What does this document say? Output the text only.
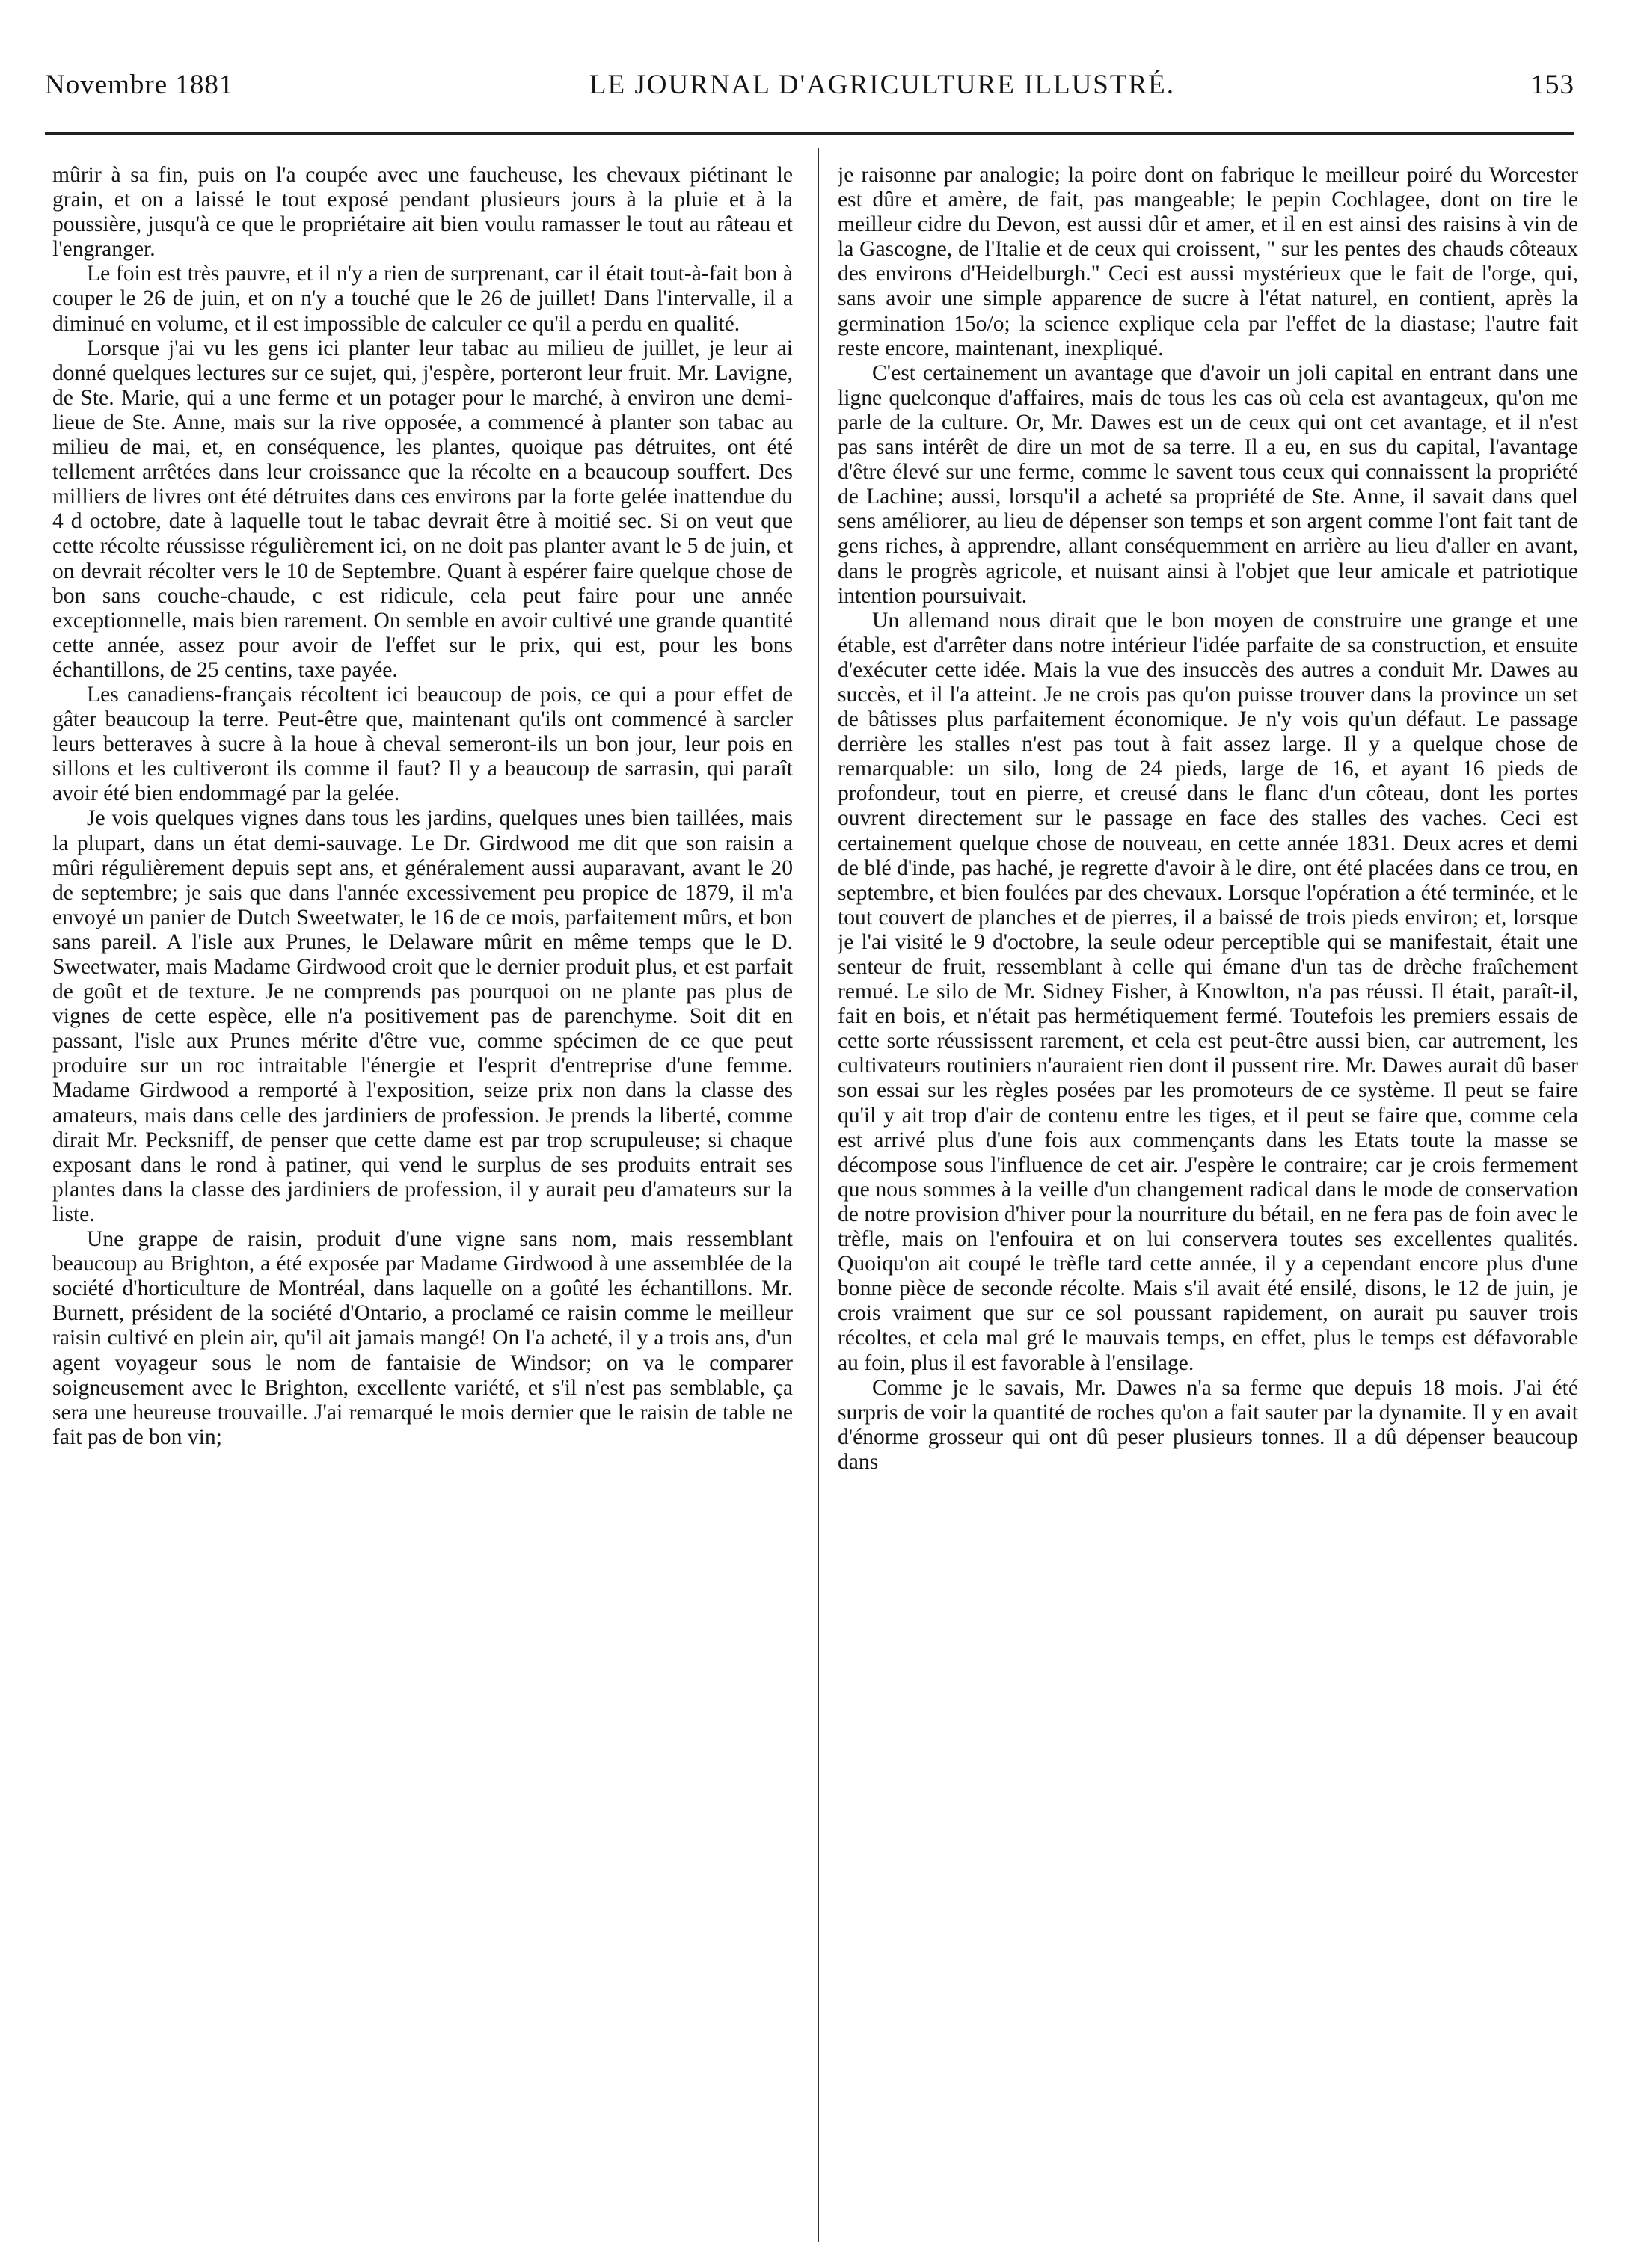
Novembre 1881	LE JOURNAL D'AGRICULTURE ILLUSTRÉ.	153

mûrir à sa fin, puis on l'a coupée avec une faucheuse, les chevaux piétinant le grain, et on a laissé le tout exposé pendant plusieurs jours à la pluie et à la poussière, jusqu'à ce que le propriétaire ait bien voulu ramasser le tout au râteau et l'engranger.

Le foin est très pauvre, et il n'y a rien de surprenant, car il était tout-à-fait bon à couper le 26 de juin, et on n'y a touché que le 26 de juillet! Dans l'intervalle, il a diminué en volume, et il est impossible de calculer ce qu'il a perdu en qualité.

Lorsque j'ai vu les gens ici planter leur tabac au milieu de juillet, je leur ai donné quelques lectures sur ce sujet, qui, j'espère, porteront leur fruit. Mr. Lavigne, de Ste. Marie, qui a une ferme et un potager pour le marché, à environ une demi-lieue de Ste. Anne, mais sur la rive opposée, a commencé à planter son tabac au milieu de mai, et, en conséquence, les plantes, quoique pas détruites, ont été tellement arrêtées dans leur croissance que la récolte en a beaucoup souffert. Des milliers de livres ont été détruites dans ces environs par la forte gelée inattendue du 4 d octobre, date à laquelle tout le tabac devrait être à moitié sec. Si on veut que cette récolte réussisse régulièrement ici, on ne doit pas planter avant le 5 de juin, et on devrait récolter vers le 10 de Septembre. Quant à espérer faire quelque chose de bon sans couche-chaude, c est ridicule, cela peut faire pour une année exceptionnelle, mais bien rarement. On semble en avoir cultivé une grande quantité cette année, assez pour avoir de l'effet sur le prix, qui est, pour les bons échantillons, de 25 centins, taxe payée.

Les canadiens-français récoltent ici beaucoup de pois, ce qui a pour effet de gâter beaucoup la terre. Peut-être que, maintenant qu'ils ont commencé à sarcler leurs betteraves à sucre à la houe à cheval semeront-ils un bon jour, leur pois en sillons et les cultiveront ils comme il faut? Il y a beaucoup de sarrasin, qui paraît avoir été bien endommagé par la gelée.

Je vois quelques vignes dans tous les jardins, quelques unes bien taillées, mais la plupart, dans un état demi-sauvage. Le Dr. Girdwood me dit que son raisin a mûri régulièrement depuis sept ans, et généralement aussi auparavant, avant le 20 de septembre; je sais que dans l'année excessivement peu propice de 1879, il m'a envoyé un panier de Dutch Sweetwater, le 16 de ce mois, parfaitement mûrs, et bon sans pareil. A l'isle aux Prunes, le Delaware mûrit en même temps que le D. Sweetwater, mais Madame Girdwood croit que le dernier produit plus, et est parfait de goût et de texture. Je ne comprends pas pourquoi on ne plante pas plus de vignes de cette espèce, elle n'a positivement pas de parenchyme. Soit dit en passant, l'isle aux Prunes mérite d'être vue, comme spécimen de ce que peut produire sur un roc intraitable l'énergie et l'esprit d'entreprise d'une femme. Madame Girdwood a remporté à l'exposition, seize prix non dans la classe des amateurs, mais dans celle des jardiniers de profession. Je prends la liberté, comme dirait Mr. Pecksniff, de penser que cette dame est par trop scrupuleuse; si chaque exposant dans le rond à patiner, qui vend le surplus de ses produits entrait ses plantes dans la classe des jardiniers de profession, il y aurait peu d'amateurs sur la liste.

Une grappe de raisin, produit d'une vigne sans nom, mais ressemblant beaucoup au Brighton, a été exposée par Madame Girdwood à une assemblée de la société d'horticulture de Montréal, dans laquelle on a goûté les échantillons. Mr. Burnett, président de la société d'Ontario, a proclamé ce raisin comme le meilleur raisin cultivé en plein air, qu'il ait jamais mangé! On l'a acheté, il y a trois ans, d'un agent voyageur sous le nom de fantaisie de Windsor; on va le comparer soigneusement avec le Brighton, excellente variété, et s'il n'est pas semblable, ça sera une heureuse trouvaille. J'ai remarqué le mois dernier que le raisin de table ne fait pas de bon vin;

je raisonne par analogie; la poire dont on fabrique le meilleur poiré du Worcester est dûre et amère, de fait, pas mangeable; le pepin Cochlagee, dont on tire le meilleur cidre du Devon, est aussi dûr et amer, et il en est ainsi des raisins à vin de la Gascogne, de l'Italie et de ceux qui croissent, " sur les pentes des chauds côteaux des environs d'Heidelburgh." Ceci est aussi mystérieux que le fait de l'orge, qui, sans avoir une simple apparence de sucre à l'état naturel, en contient, après la germination 15o/o; la science explique cela par l'effet de la diastase; l'autre fait reste encore, maintenant, inexpliqué.

C'est certainement un avantage que d'avoir un joli capital en entrant dans une ligne quelconque d'affaires, mais de tous les cas où cela est avantageux, qu'on me parle de la culture. Or, Mr. Dawes est un de ceux qui ont cet avantage, et il n'est pas sans intérêt de dire un mot de sa terre. Il a eu, en sus du capital, l'avantage d'être élevé sur une ferme, comme le savent tous ceux qui connaissent la propriété de Lachine; aussi, lorsqu'il a acheté sa propriété de Ste. Anne, il savait dans quel sens améliorer, au lieu de dépenser son temps et son argent comme l'ont fait tant de gens riches, à apprendre, allant conséquemment en arrière au lieu d'aller en avant, dans le progrès agricole, et nuisant ainsi à l'objet que leur amicale et patriotique intention poursuivait.

Un allemand nous dirait que le bon moyen de construire une grange et une étable, est d'arrêter dans notre intérieur l'idée parfaite de sa construction, et ensuite d'exécuter cette idée. Mais la vue des insuccès des autres a conduit Mr. Dawes au succès, et il l'a atteint. Je ne crois pas qu'on puisse trouver dans la province un set de bâtisses plus parfaitement économique. Je n'y vois qu'un défaut. Le passage derrière les stalles n'est pas tout à fait assez large. Il y a quelque chose de remarquable: un silo, long de 24 pieds, large de 16, et ayant 16 pieds de profondeur, tout en pierre, et creusé dans le flanc d'un côteau, dont les portes ouvrent directement sur le passage en face des stalles des vaches. Ceci est certainement quelque chose de nouveau, en cette année 1831. Deux acres et demi de blé d'inde, pas haché, je regrette d'avoir à le dire, ont été placées dans ce trou, en septembre, et bien foulées par des chevaux. Lorsque l'opération a été terminée, et le tout couvert de planches et de pierres, il a baissé de trois pieds environ; et, lorsque je l'ai visité le 9 d'octobre, la seule odeur perceptible qui se manifestait, était une senteur de fruit, ressemblant à celle qui émane d'un tas de drèche fraîchement remué. Le silo de Mr. Sidney Fisher, à Knowlton, n'a pas réussi. Il était, paraît-il, fait en bois, et n'était pas hermétiquement fermé. Toutefois les premiers essais de cette sorte réussissent rarement, et cela est peut-être aussi bien, car autrement, les cultivateurs routiniers n'auraient rien dont il pussent rire. Mr. Dawes aurait dû baser son essai sur les règles posées par les promoteurs de ce système. Il peut se faire qu'il y ait trop d'air de contenu entre les tiges, et il peut se faire que, comme cela est arrivé plus d'une fois aux commençants dans les Etats toute la masse se décompose sous l'influence de cet air. J'espère le contraire; car je crois fermement que nous sommes à la veille d'un changement radical dans le mode de conservation de notre provision d'hiver pour la nourriture du bétail, en ne fera pas de foin avec le trèfle, mais on l'enfouira et on lui conservera toutes ses excellentes qualités. Quoiqu'on ait coupé le trèfle tard cette année, il y a cependant encore plus d'une bonne pièce de seconde récolte. Mais s'il avait été ensilé, disons, le 12 de juin, je crois vraiment que sur ce sol poussant rapidement, on aurait pu sauver trois récoltes, et cela mal gré le mauvais temps, en effet, plus le temps est défavorable au foin, plus il est favorable à l'ensilage.

Comme je le savais, Mr. Dawes n'a sa ferme que depuis 18 mois. J'ai été surpris de voir la quantité de roches qu'on a fait sauter par la dynamite. Il y en avait d'énorme grosseur qui ont dû peser plusieurs tonnes. Il a dû dépenser beaucoup dans
